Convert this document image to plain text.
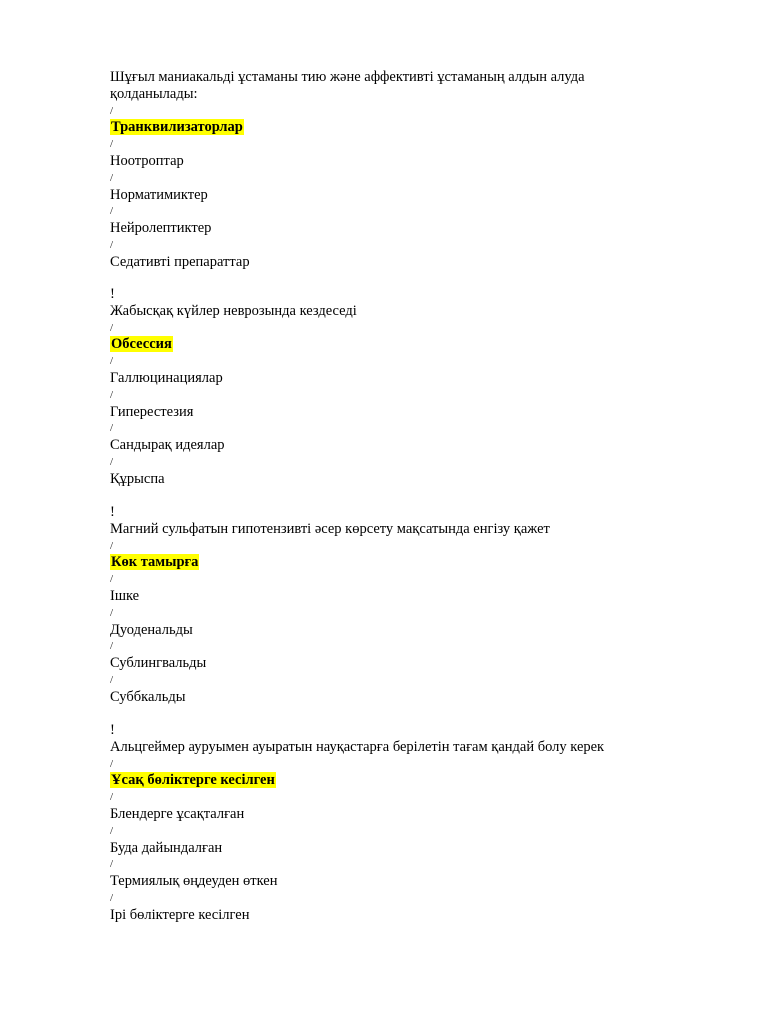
Шұғыл маниакальді ұстаманы тию және аффективті ұстаманың алдын алуда
қолданылады:
/
Транквилизаторлар
/
Ноотроптар
/
Норматимиктер
/
Нейролептиктер
/
Седативті препараттар
!
Жабысқақ күйлер неврозында кездеседі
/
Обсессия
/
Галлюцинациялар
/
Гиперестезия
/
Сандырақ идеялар
/
Құрыспа
!
Магний сульфатын гипотензивті әсер көрсету мақсатында енгізу қажет
/
Көк тамырға
/
Ішке
/
Дуоденальды
/
Сублингвальды
/
Суббкальды
!
Альцгеймер ауруымен ауыратын науқастарға берілетін тағам қандай болу керек
/
Ұсақ бөліктерге кесілген
/
Блендерге ұсақталған
/
Буда дайындалған
/
Термиялық өңдеуден өткен
/
Ірі бөліктерге кесілген
